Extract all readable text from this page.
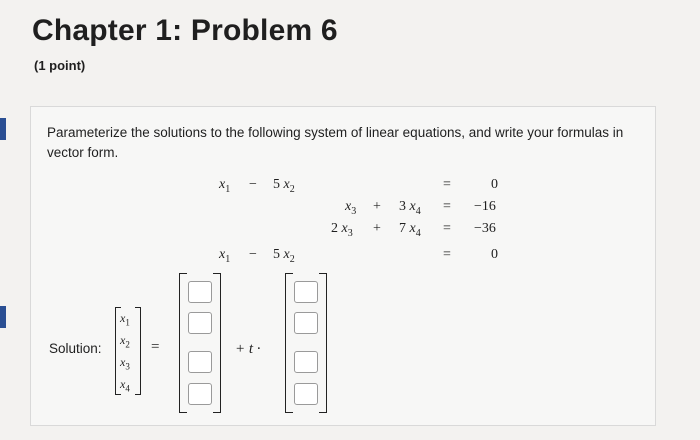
Chapter 1: Problem 6
(1 point)
Parameterize the solutions to the following system of linear equations, and write your formulas in vector form.
$x_1 - 5$ $x_2$	=	0
$x_3 + 3$ $x_4 = -16$
2 $x_3 + 7$ $x_4 = -36$
$x_1 - 5$ $x_2$	=	0
Solution:
$x_1$
$x_2$
$x_3$
$x_4$
=	+ t ·
